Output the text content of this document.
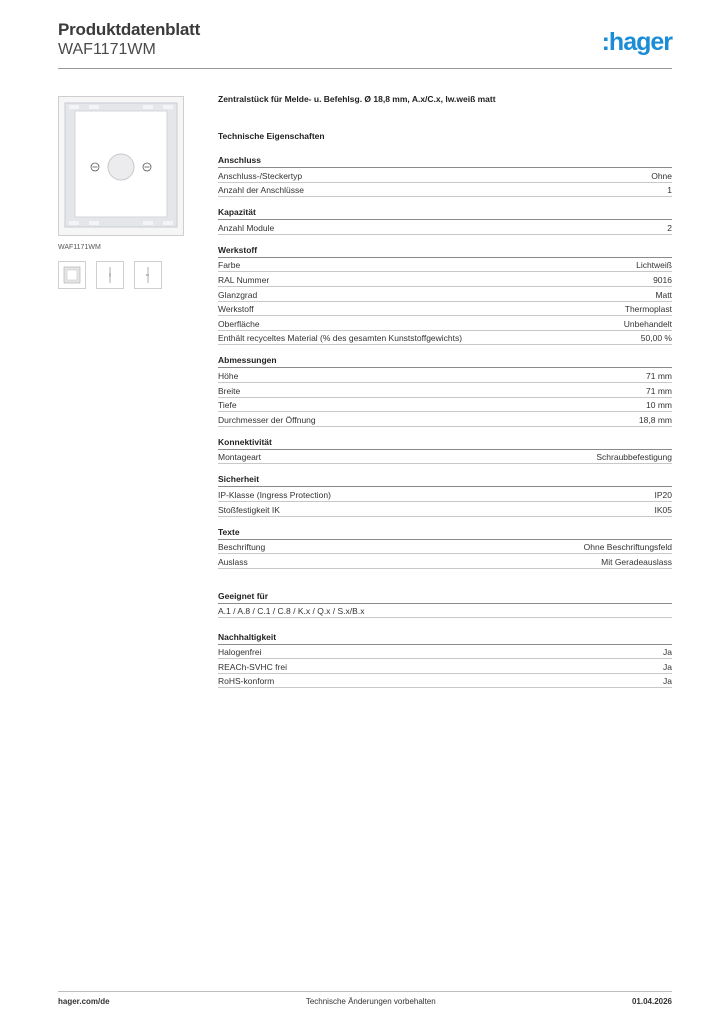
Produktdatenblatt
WAF1171WM	:hager
WAF1171WM
Zentralstück für Melde- u. Befehlsg. Ø 18,8 mm, A.x/C.x, lw.weiß matt
Technische Eigenschaften
Anschluss
Anschluss-/Steckertyp	Ohne
Anzahl der Anschlüsse	1
Kapazität
Anzahl Module	2
Werkstoff
Farbe	Lichtweiß
RAL Nummer	9016
Glanzgrad	Matt
Werkstoff	Thermoplast
Oberfläche	Unbehandelt
Enthält recyceltes Material (% des gesamten Kunststoffgewichts)	50,00 %
Abmessungen
Höhe	71 mm
Breite	71 mm
Tiefe	10 mm
Durchmesser der Öffnung	18,8 mm
Konnektivität
Montageart	Schraubbefestigung
Sicherheit
IP-Klasse (Ingress Protection)	IP20
Stoßfestigkeit IK	IK05
Texte
Beschriftung	Ohne Beschriftungsfeld
Auslass	Mit Geradeauslass
Geeignet für
A.1 / A.8 / C.1 / C.8 / K.x / Q.x / S.x/B.x
Nachhaltigkeit
Halogenfrei	Ja
REACh-SVHC frei	Ja
RoHS-konform	Ja
hager.com/de	Technische Änderungen vorbehalten	01.04.2026
